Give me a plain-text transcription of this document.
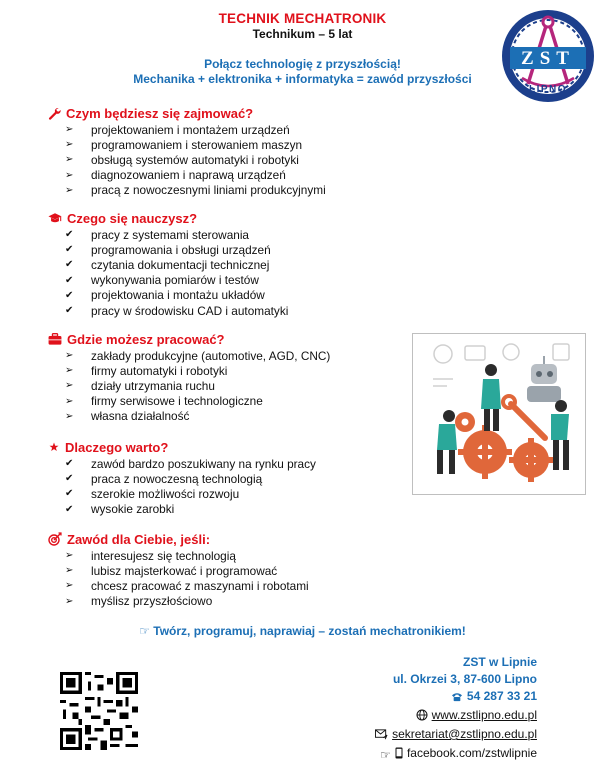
TECHNIK MECHATRONIK
Technikum – 5 lat
Połącz technologię z przyszłością!
Mechanika + elektronika + informatyka = zawód przyszłości
ZST
LIPNO
Czym będziesz się zajmować?
➢	projektowaniem i montażem urządzeń
➢	programowaniem i sterowaniem maszyn
➢	obsługą systemów automatyki i robotyki
➢	diagnozowaniem i naprawą urządzeń
➢	pracą z nowoczesnymi liniami produkcyjnymi
Czego się nauczysz?
✔	pracy z systemami sterowania
✔	programowania i obsługi urządzeń
✔	czytania dokumentacji technicznej
✔	wykonywania pomiarów i testów
✔	projektowania i montażu układów
✔	pracy w środowisku CAD i automatyki
Gdzie możesz pracować?
➢	zakłady produkcyjne (automotive, AGD, CNC)
➢	firmy automatyki i robotyki
➢	działy utrzymania ruchu
➢	firmy serwisowe i technologiczne
➢	własna działalność
Dlaczego warto?
✔	zawód bardzo poszukiwany na rynku pracy
✔	praca z nowoczesną technologią
✔	szerokie możliwości rozwoju
✔	wysokie zarobki
Zawód dla Ciebie, jeśli:
➢	interesujesz się technologią
➢	lubisz majsterkować i programować
➢	chcesz pracować z maszynami i robotami
➢	myślisz przyszłościowo
☞ Twórz, programuj, naprawiaj – zostań mechatronikiem!
ZST w Lipnie
ul. Okrzei 3, 87-600 Lipno
54 287 33 21
www.zstlipno.edu.pl
sekretariat@zstlipno.edu.pl
☞ facebook.com/zstwlipnie
